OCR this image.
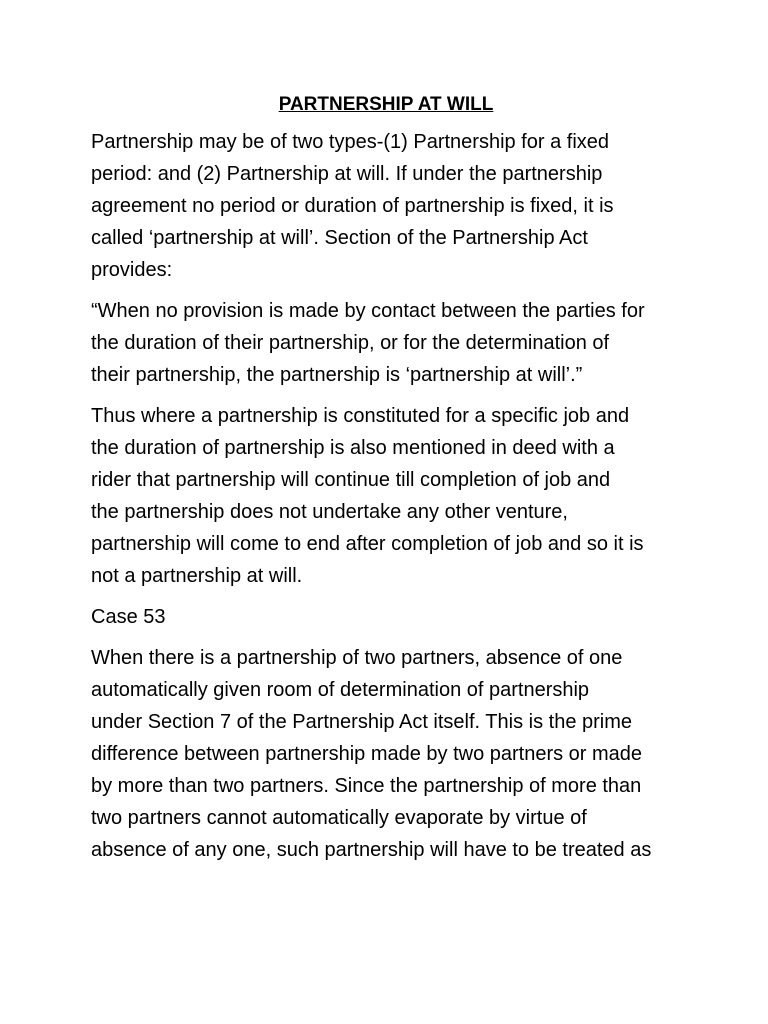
PARTNERSHIP AT WILL
Partnership may be of two types-(1) Partnership for a fixed
period: and (2) Partnership at will. If under the partnership
agreement no period or duration of partnership is fixed, it is
called ‘partnership at will’. Section of the Partnership Act
provides:
“When no provision is made by contact between the parties for
the duration of their partnership, or for the determination of
their partnership, the partnership is ‘partnership at will’.”
Thus where a partnership is constituted for a specific job and
the duration of partnership is also mentioned in deed with a
rider that partnership will continue till completion of job and
the partnership does not undertake any other venture,
partnership will come to end after completion of job and so it is
not a partnership at will.
Case 53
When there is a partnership of two partners, absence of one
automatically given room of determination of partnership
under Section 7 of the Partnership Act itself. This is the prime
difference between partnership made by two partners or made
by more than two partners. Since the partnership of more than
two partners cannot automatically evaporate by virtue of
absence of any one, such partnership will have to be treated as
